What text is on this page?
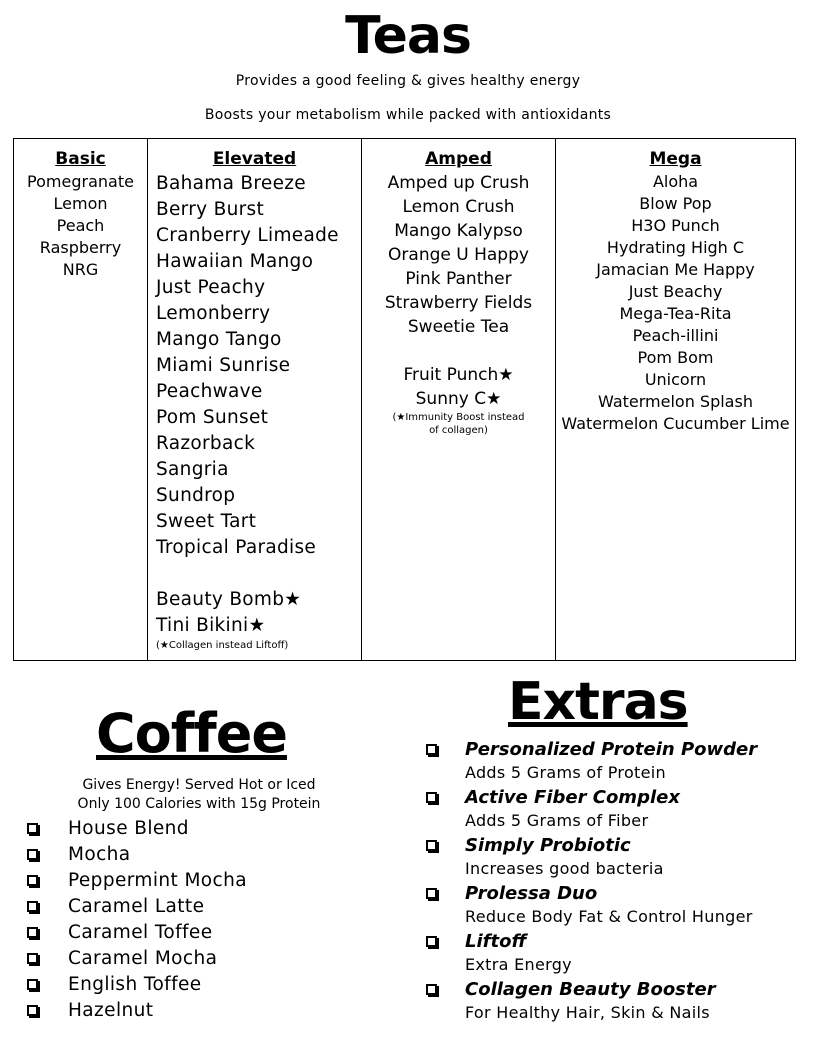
Teas
Provides a good feeling & gives healthy energy
Boosts your metabolism while packed with antioxidants
Basic
Pomegranate
Lemon
Peach
Raspberry
NRG
Elevated
Bahama Breeze
Berry Burst
Cranberry Limeade
Hawaiian Mango
Just Peachy
Lemonberry
Mango Tango
Miami Sunrise
Peachwave
Pom Sunset
Razorback
Sangria
Sundrop
Sweet Tart
Tropical Paradise
Beauty Bomb★
Tini Bikini★
(★Collagen instead Liftoff)
Amped
Amped up Crush
Lemon Crush
Mango Kalypso
Orange U Happy
Pink Panther
Strawberry Fields
Sweetie Tea
Fruit Punch★
Sunny C★
(★Immunity Boost instead of collagen)
Mega
Aloha
Blow Pop
H3O Punch
Hydrating High C
Jamacian Me Happy
Just Beachy
Mega-Tea-Rita
Peach-illini
Pom Bom
Unicorn
Watermelon Splash
Watermelon Cucumber Lime
Coffee
Gives Energy! Served Hot or Iced
Only 100 Calories with 15g Protein
House Blend
Mocha
Peppermint Mocha
Caramel Latte
Caramel Toffee
Caramel Mocha
English Toffee
Hazelnut
Extras
Personalized Protein Powder
Adds 5 Grams of Protein
Active Fiber Complex
Adds 5 Grams of Fiber
Simply Probiotic
Increases good bacteria
Prolessa Duo
Reduce Body Fat & Control Hunger
Liftoff
Extra Energy
Collagen Beauty Booster
For Healthy Hair, Skin & Nails
